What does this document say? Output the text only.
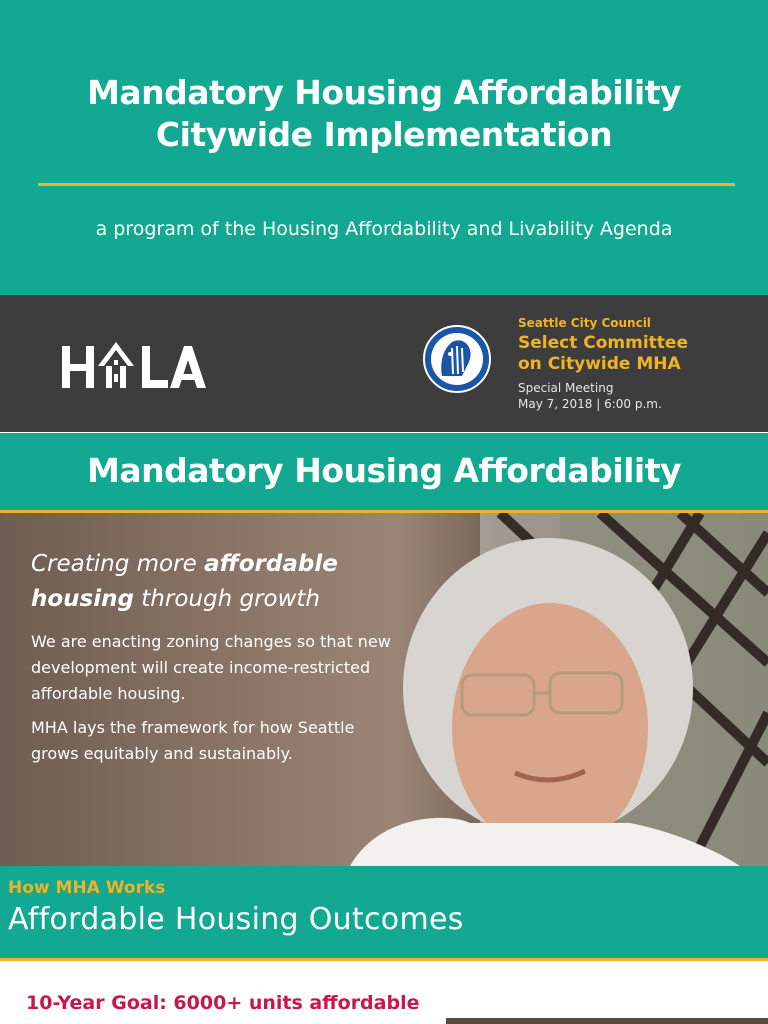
Mandatory Housing Affordability
Citywide Implementation
a program of the Housing Affordability and Livability Agenda
Seattle City Council
Select Committee
on Citywide MHA
Special Meeting
May 7, 2018 | 6:00 p.m.
Mandatory Housing Affordability

Creating more affordable
housing through growth

We are enacting zoning changes so that new development will create income-restricted affordable housing.

MHA lays the framework for how Seattle grows equitably and sustainably.

How MHA Works
Affordable Housing Outcomes
10-Year Goal: 6000+ units affordable
